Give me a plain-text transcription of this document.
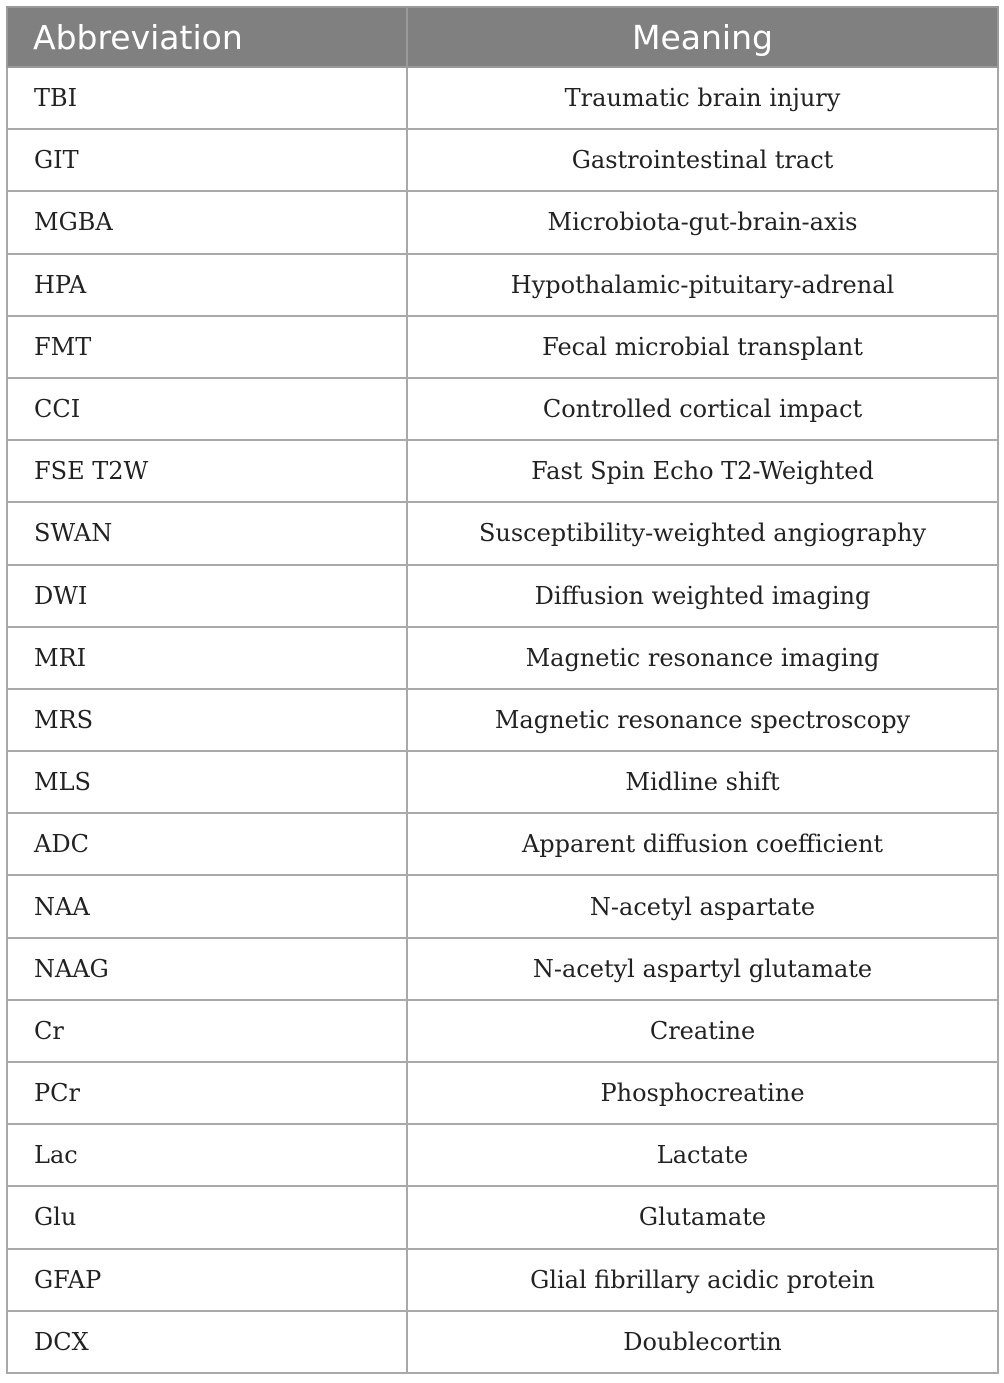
Abbreviation	Meaning
TBI	Traumatic brain injury
GIT	Gastrointestinal tract
MGBA	Microbiota-gut-brain-axis
HPA	Hypothalamic-pituitary-adrenal
FMT	Fecal microbial transplant
CCI	Controlled cortical impact
FSE T2W	Fast Spin Echo T2-Weighted
SWAN	Susceptibility-weighted angiography
DWI	Diffusion weighted imaging
MRI	Magnetic resonance imaging
MRS	Magnetic resonance spectroscopy
MLS	Midline shift
ADC	Apparent diffusion coefficient
NAA	N-acetyl aspartate
NAAG	N-acetyl aspartyl glutamate
Cr	Creatine
PCr	Phosphocreatine
Lac	Lactate
Glu	Glutamate
GFAP	Glial fibrillary acidic protein
DCX	Doublecortin
